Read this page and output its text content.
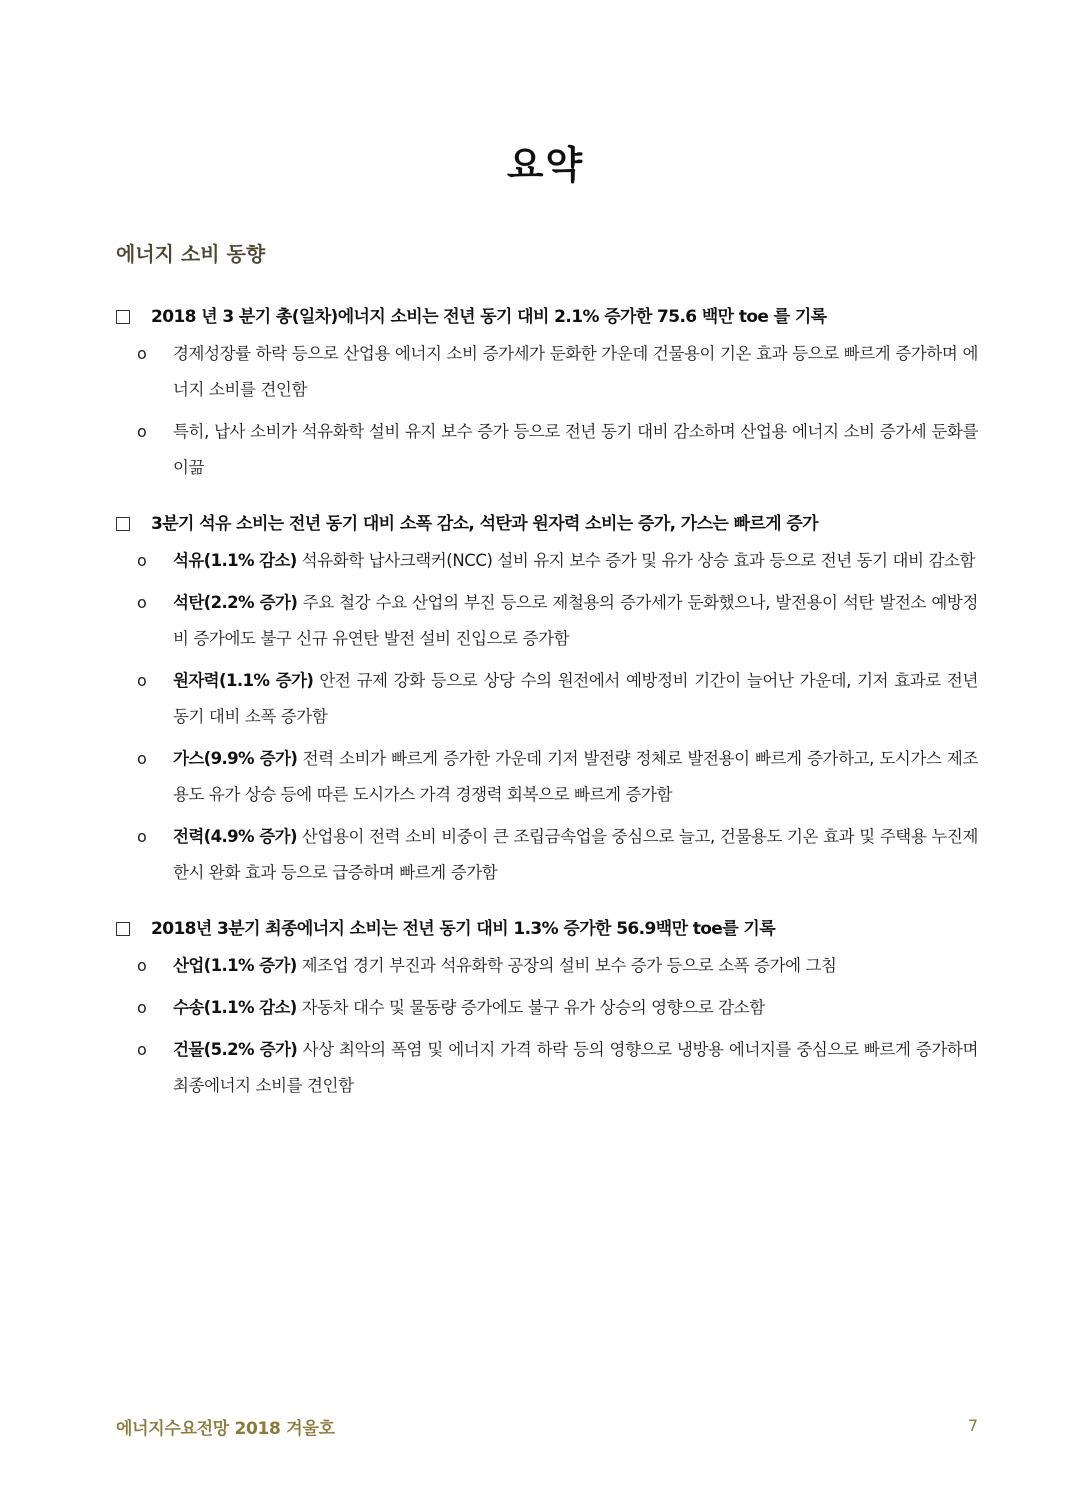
요약
에너지 소비 동향
2018 년 3 분기 총(일차)에너지 소비는 전년 동기 대비 2.1% 증가한 75.6 백만 toe 를 기록
o 경제성장률 하락 등으로 산업용 에너지 소비 증가세가 둔화한 가운데 건물용이 기온 효과 등으로 빠르게 증가하며 에너지 소비를 견인함
o 특히, 납사 소비가 석유화학 설비 유지 보수 증가 등으로 전년 동기 대비 감소하며 산업용 에너지 소비 증가세 둔화를 이끎
3분기 석유 소비는 전년 동기 대비 소폭 감소, 석탄과 원자력 소비는 증가, 가스는 빠르게 증가
o 석유(1.1% 감소) 석유화학 납사크랙커(NCC) 설비 유지 보수 증가 및 유가 상승 효과 등으로 전년 동기 대비 감소함
o 석탄(2.2% 증가) 주요 철강 수요 산업의 부진 등으로 제철용의 증가세가 둔화했으나, 발전용이 석탄 발전소 예방정비 증가에도 불구 신규 유연탄 발전 설비 진입으로 증가함
o 원자력(1.1% 증가) 안전 규제 강화 등으로 상당 수의 원전에서 예방정비 기간이 늘어난 가운데, 기저 효과로 전년 동기 대비 소폭 증가함
o 가스(9.9% 증가) 전력 소비가 빠르게 증가한 가운데 기저 발전량 정체로 발전용이 빠르게 증가하고, 도시가스 제조용도 유가 상승 등에 따른 도시가스 가격 경쟁력 회복으로 빠르게 증가함
o 전력(4.9% 증가) 산업용이 전력 소비 비중이 큰 조립금속업을 중심으로 늘고, 건물용도 기온 효과 및 주택용 누진제 한시 완화 효과 등으로 급증하며 빠르게 증가함
2018년 3분기 최종에너지 소비는 전년 동기 대비 1.3% 증가한 56.9백만 toe를 기록
o 산업(1.1% 증가) 제조업 경기 부진과 석유화학 공장의 설비 보수 증가 등으로 소폭 증가에 그침
o 수송(1.1% 감소) 자동차 대수 및 물동량 증가에도 불구 유가 상승의 영향으로 감소함
o 건물(5.2% 증가) 사상 최악의 폭염 및 에너지 가격 하락 등의 영향으로 냉방용 에너지를 중심으로 빠르게 증가하며 최종에너지 소비를 견인함
에너지수요전망 2018 겨울호	7
